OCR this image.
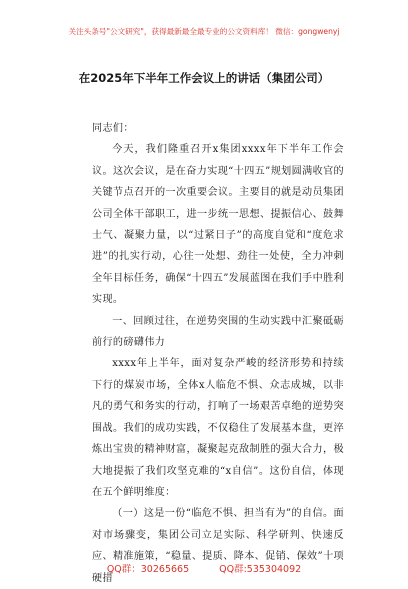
关注头条号"公文研究"，获得最新最全最专业的公文资料库！ 微信：gongwenyj
在2025年下半年工作会议上的讲话（集团公司）

同志们：

今天，我们隆重召开x集团xxxx年下半年工作会议。这次会议，是在奋力实现“十四五”规划圆满收官的关键节点召开的一次重要会议。主要目的就是动员集团公司全体干部职工，进一步统一思想、提振信心、鼓舞士气、凝聚力量，以“过紧日子”的高度自觉和“度危求进”的扎实行动，心往一处想、劲往一处使，全力冲刺全年目标任务，确保“十四五”发展蓝图在我们手中胜利实现。

一、回顾过往，在逆势突围的生动实践中汇聚砥砺前行的磅礴伟力

xxxx年上半年，面对复杂严峻的经济形势和持续下行的煤炭市场，全体x人临危不惧、众志成城，以非凡的勇气和务实的行动，打响了一场艰苦卓绝的逆势突围战。我们的成功实践，不仅稳住了发展基本盘，更淬炼出宝贵的精神财富，凝聚起克敌制胜的强大合力，极大地提振了我们攻坚克难的“x自信”。这份自信，体现在五个鲜明维度：

（一）这是一份“临危不惧、担当有为”的自信。面对市场骤变，集团公司立足实际、科学研判、快速反应、精准施策，“稳量、提质、降本、促销、保效”十项硬措

QQ群：30265665	QQ群:535304092
